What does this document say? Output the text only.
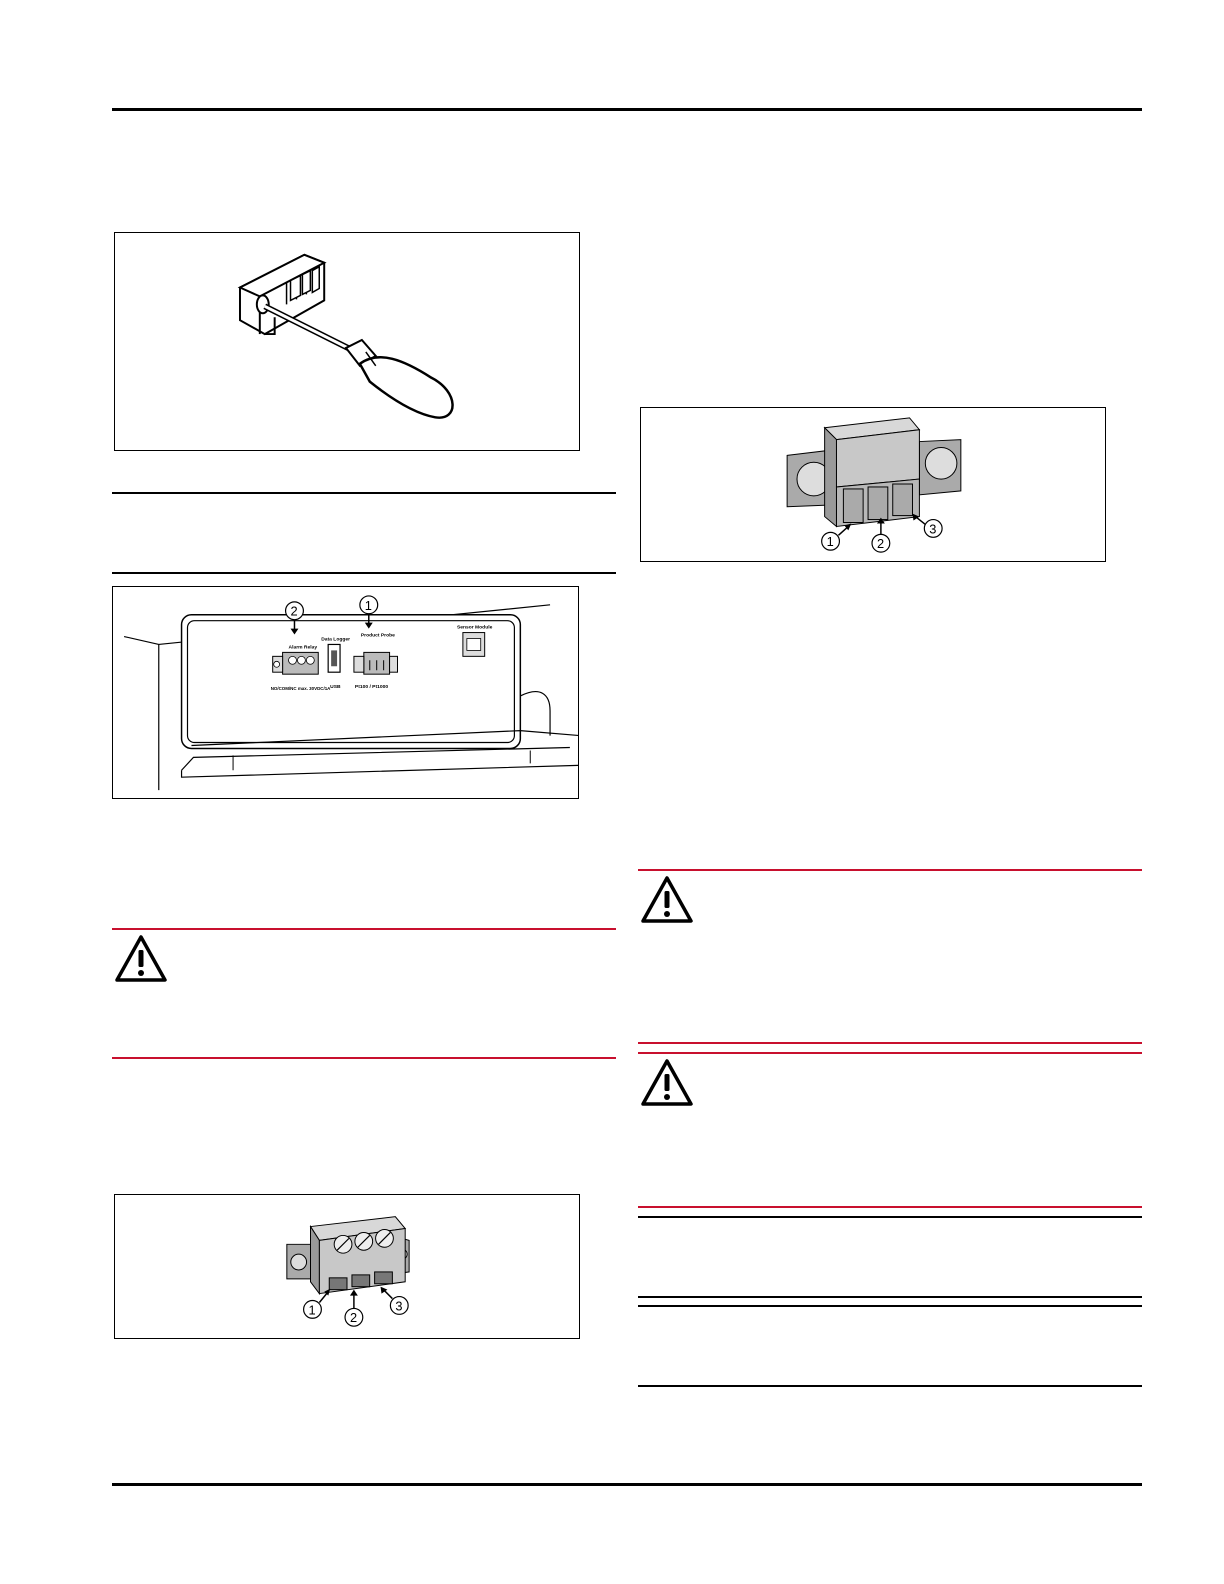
Alarm Relay
Data Logger
Product Probe
USB
NO/COM/NC max. 30VDC/1A	Pt100 / Pt1000
Sensor Module
2	1
1
2
3
1	2
3
